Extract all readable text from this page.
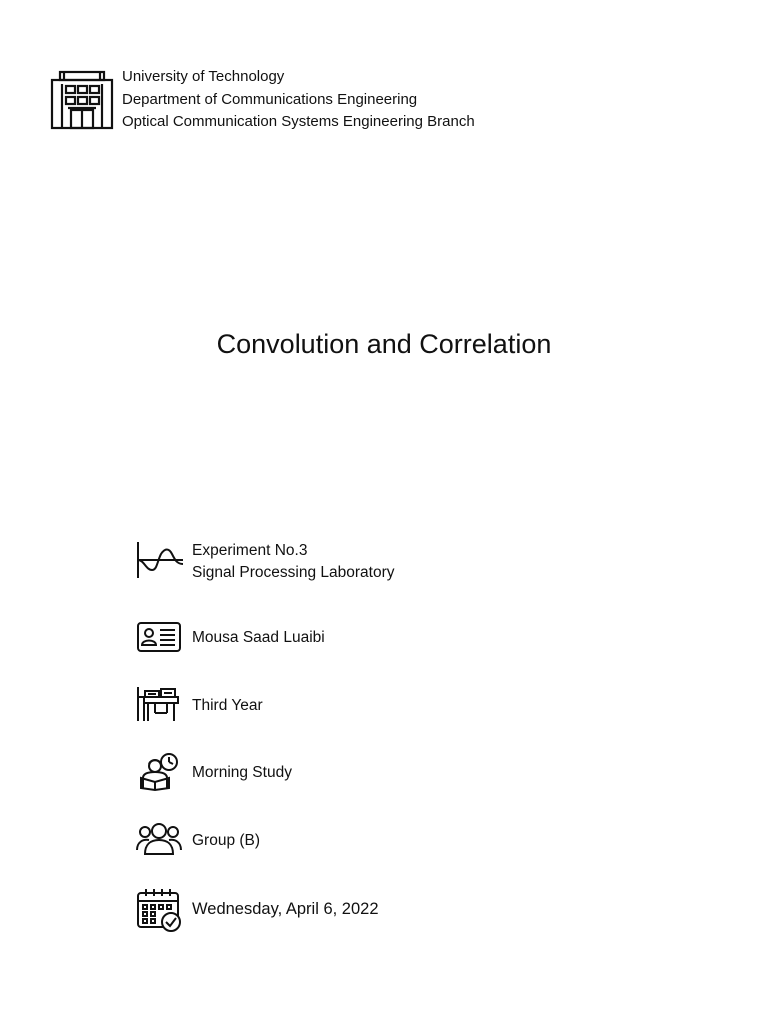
University of Technology
Department of Communications Engineering
Optical Communication Systems Engineering Branch
Convolution and Correlation
Experiment No.3
Signal Processing Laboratory
Mousa Saad Luaibi
Third Year
Morning Study
Group (B)
Wednesday, April 6, 2022
